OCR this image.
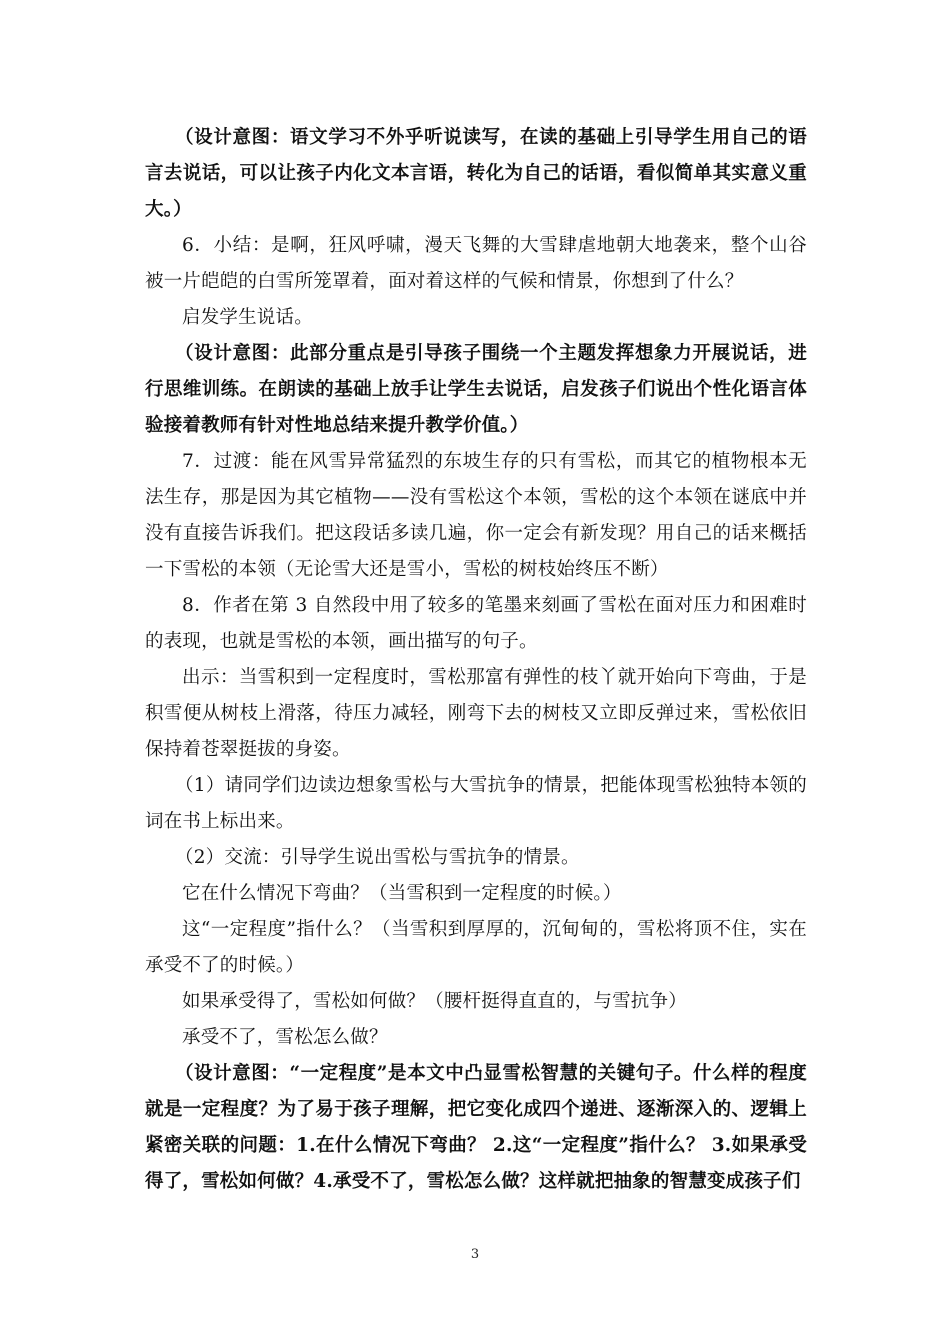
（设计意图：语文学习不外乎听说读写，在读的基础上引导学生用自己的语言去说话，可以让孩子内化文本言语，转化为自己的话语，看似简单其实意义重大。）

6．小结：是啊，狂风呼啸，漫天飞舞的大雪肆虐地朝大地袭来，整个山谷被一片皑皑的白雪所笼罩着，面对着这样的气候和情景，你想到了什么？

启发学生说话。

（设计意图：此部分重点是引导孩子围绕一个主题发挥想象力开展说话，进行思维训练。在朗读的基础上放手让学生去说话，启发孩子们说出个性化语言体验接着教师有针对性地总结来提升教学价值。）

7．过渡：能在风雪异常猛烈的东坡生存的只有雪松，而其它的植物根本无法生存，那是因为其它植物——没有雪松这个本领，雪松的这个本领在谜底中并没有直接告诉我们。把这段话多读几遍，你一定会有新发现？用自己的话来概括一下雪松的本领（无论雪大还是雪小，雪松的树枝始终压不断）

8．作者在第 3 自然段中用了较多的笔墨来刻画了雪松在面对压力和困难时的表现，也就是雪松的本领，画出描写的句子。

出示：当雪积到一定程度时，雪松那富有弹性的枝丫就开始向下弯曲，于是积雪便从树枝上滑落，待压力减轻，刚弯下去的树枝又立即反弹过来，雪松依旧保持着苍翠挺拔的身姿。

（1）请同学们边读边想象雪松与大雪抗争的情景，把能体现雪松独特本领的词在书上标出来。

（2）交流：引导学生说出雪松与雪抗争的情景。

它在什么情况下弯曲？（当雪积到一定程度的时候。）

这“一定程度”指什么？（当雪积到厚厚的，沉甸甸的，雪松将顶不住，实在承受不了的时候。）

如果承受得了，雪松如何做？（腰杆挺得直直的，与雪抗争）

承受不了，雪松怎么做？

（设计意图：“一定程度”是本文中凸显雪松智慧的关键句子。什么样的程度就是一定程度？为了易于孩子理解，把它变化成四个递进、逐渐深入的、逻辑上紧密关联的问题：1.在什么情况下弯曲？ 2.这“一定程度”指什么？ 3.如果承受得了，雪松如何做？4.承受不了，雪松怎么做？这样就把抽象的智慧变成孩子们

3
